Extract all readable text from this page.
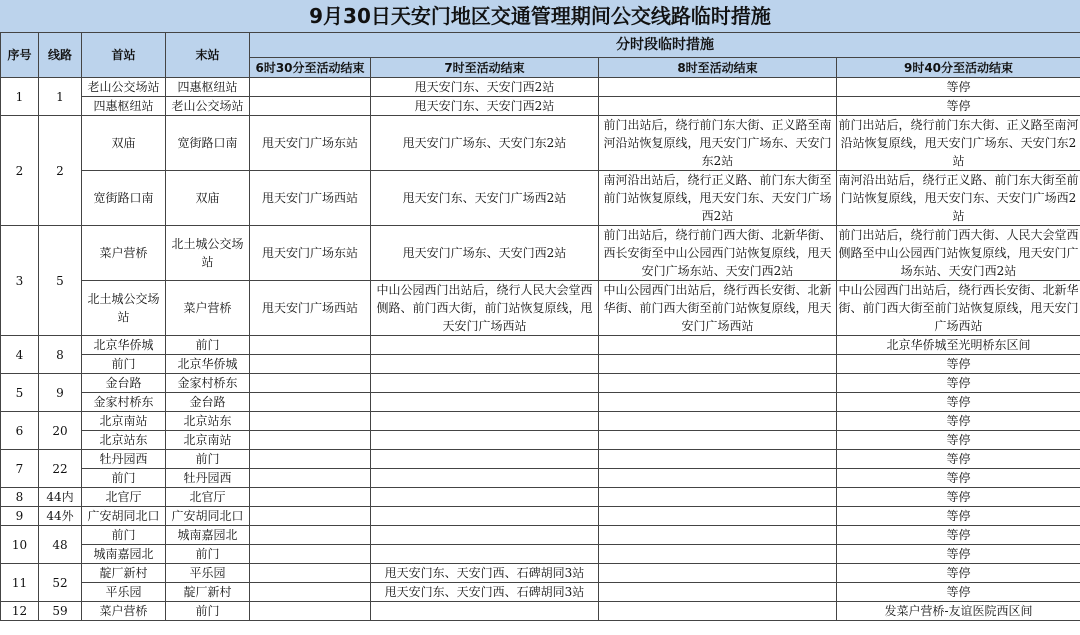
9月30日天安门地区交通管理期间公交线路临时措施
序号	线路	首站	末站	分时段临时措施			
				6时30分至活动结束	7时至活动结束	8时至活动结束	9时40分至活动结束
1	1	老山公交场站	四惠枢纽站		甩天安门东、天安门西2站		等停
		四惠枢纽站	老山公交场站		甩天安门东、天安门西2站		等停
2	2	双庙	宽街路口南	甩天安门广场东站	甩天安门广场东、天安门东2站	前门出站后，绕行前门东大街、正义路至南河沿站恢复原线，甩天安门广场东、天安门东2站	前门出站后，绕行前门东大街、正义路至南河沿站恢复原线，甩天安门广场东、天安门东2站
		宽街路口南	双庙	甩天安门广场西站	甩天安门东、天安门广场西2站	南河沿出站后，绕行正义路、前门东大街至前门站恢复原线，甩天安门东、天安门广场西2站	南河沿出站后，绕行正义路、前门东大街至前门站恢复原线，甩天安门东、天安门广场西2站
3	5	菜户营桥	北土城公交场站	甩天安门广场东站	甩天安门广场东、天安门西2站	前门出站后，绕行前门西大街、北新华街、西长安街至中山公园西门站恢复原线，甩天安门广场东站、天安门西2站	前门出站后，绕行前门西大街、人民大会堂西侧路至中山公园西门站恢复原线，甩天安门广场东站、天安门西2站
		北土城公交场站	菜户营桥	甩天安门广场西站	中山公园西门出站后，绕行人民大会堂西侧路、前门西大街，前门站恢复原线，甩天安门广场西站	中山公园西门出站后，绕行西长安街、北新华街、前门西大街至前门站恢复原线，甩天安门广场西站	中山公园西门出站后，绕行西长安街、北新华街、前门西大街至前门站恢复原线，甩天安门广场西站
4	8	北京华侨城	前门				北京华侨城至光明桥东区间
		前门	北京华侨城				等停
5	9	金台路	金家村桥东				等停
		金家村桥东	金台路				等停
6	20	北京南站	北京站东				等停
		北京站东	北京南站				等停
7	22	牡丹园西	前门				等停
		前门	牡丹园西				等停
8	44内	北官厅	北官厅				等停
9	44外	广安胡同北口	广安胡同北口				等停
10	48	前门	城南嘉园北				等停
		城南嘉园北	前门				等停
11	52	靛厂新村	平乐园		甩天安门东、天安门西、石碑胡同3站		等停
		平乐园	靛厂新村		甩天安门东、天安门西、石碑胡同3站		等停
12	59	菜户营桥	前门				发菜户营桥-友谊医院西区间
